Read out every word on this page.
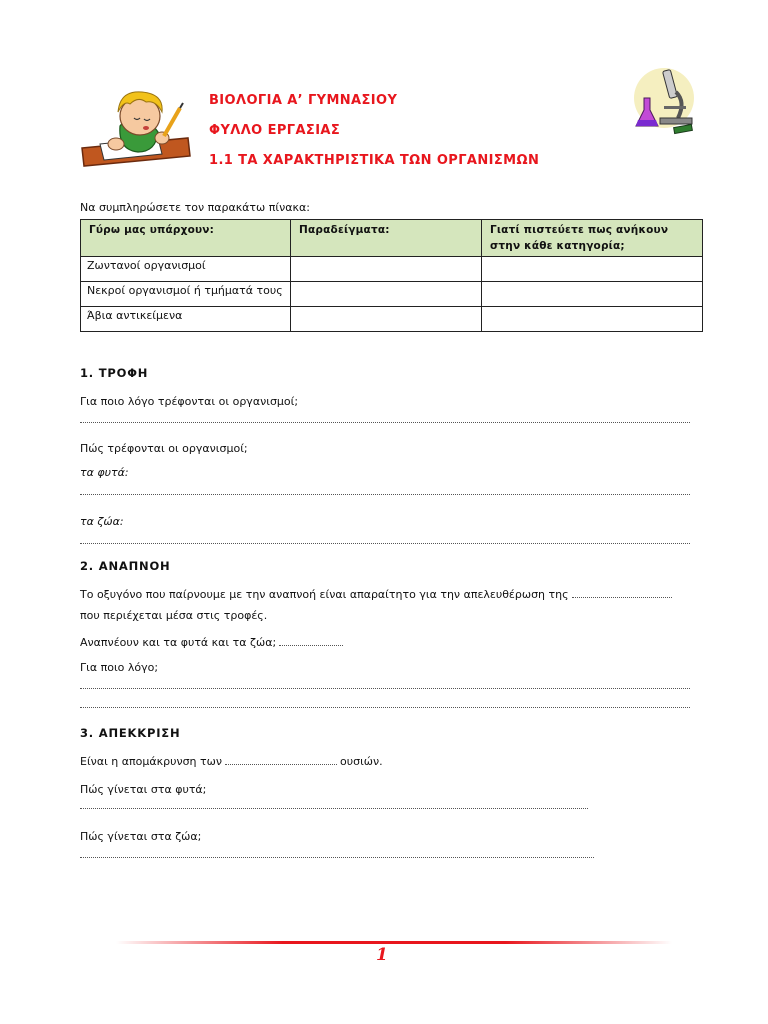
ΒΙΟΛΟΓΙΑ Α’ ΓΥΜΝΑΣΙΟΥ
ΦΥΛΛΟ ΕΡΓΑΣΙΑΣ
1.1 ΤΑ ΧΑΡΑΚΤΗΡΙΣΤΙΚΑ ΤΩΝ ΟΡΓΑΝΙΣΜΩΝ
Να συμπληρώσετε τον παρακάτω πίνακα:
Γύρω μας υπάρχουν:	Παραδείγματα:	Γιατί πιστεύετε πως ανήκουν στην κάθε κατηγορία;
Ζωντανοί οργανισμοί		
Νεκροί οργανισμοί ή τμήματά τους		
Άβια αντικείμενα		
1. ΤΡΟΦΗ
Για ποιο λόγο τρέφονται οι οργανισμοί;
Πώς τρέφονται οι οργανισμοί;
τα φυτά:
τα ζώα:
2. ΑΝΑΠΝΟΗ
Το οξυγόνο που παίρνουμε με την αναπνοή είναι απαραίτητο για την απελευθέρωση της
που περιέχεται μέσα στις τροφές.
Αναπνέουν και τα φυτά και τα ζώα;
Για ποιο λόγο;
3. ΑΠΕΚΚΡΙΣΗ
Είναι η απομάκρυνση των	ουσιών.
Πώς γίνεται στα φυτά;
Πώς γίνεται στα ζώα;
1
